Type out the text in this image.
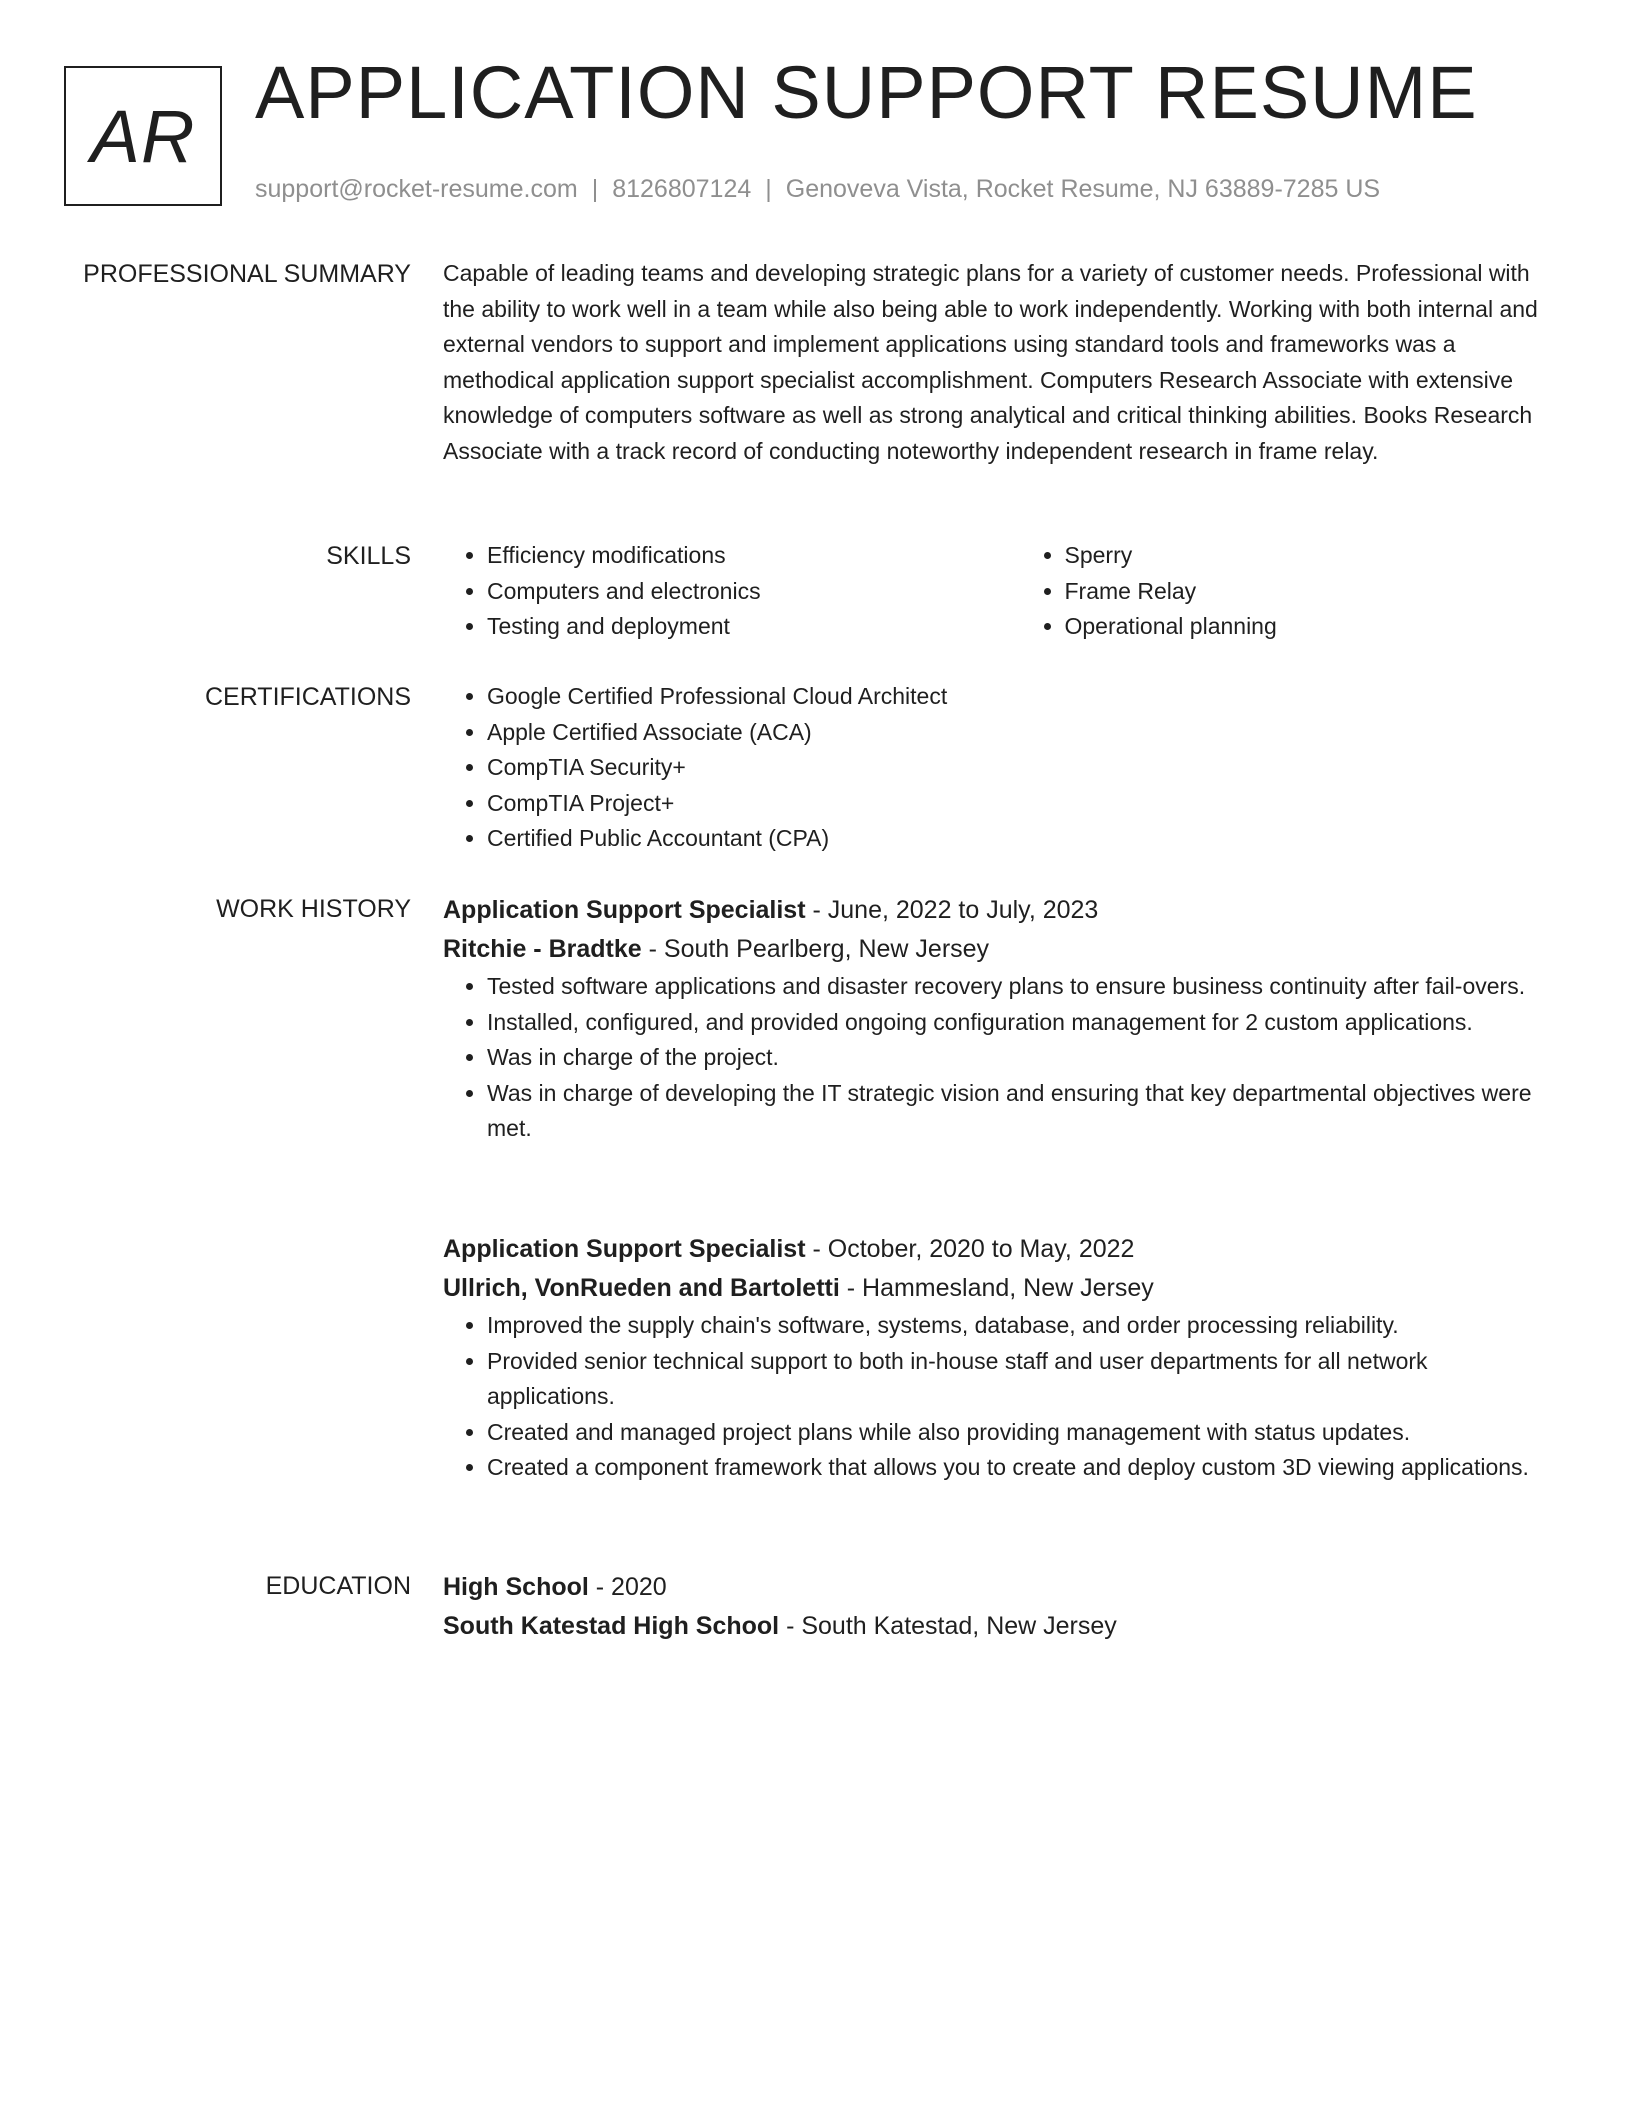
AR
APPLICATION SUPPORT RESUME
support@rocket-resume.com | 8126807124 | Genoveva Vista, Rocket Resume, NJ 63889-7285 US
PROFESSIONAL SUMMARY Capable of leading teams and developing strategic plans for a variety of customer needs. Professional with the ability to work well in a team while also being able to work independently. Working with both internal and external vendors to support and implement applications using standard tools and frameworks was a methodical application support specialist accomplishment. Computers Research Associate with extensive knowledge of computers software as well as strong analytical and critical thinking abilities. Books Research Associate with a track record of conducting noteworthy independent research in frame relay.

SKILLS	• Efficiency modifications
• Computers and electronics
• Testing and deployment
• Sperry
• Frame Relay
• Operational planning
CERTIFICATIONS	• Google Certified Professional Cloud Architect
• Apple Certified Associate (ACA)
• CompTIA Security+
• CompTIA Project+
• Certified Public Accountant (CPA)
WORK HISTORY Application Support Specialist - June, 2022 to July, 2023
Ritchie - Bradtke - South Pearlberg, New Jersey
• Tested software applications and disaster recovery plans to ensure business continuity after fail-overs.
• Installed, configured, and provided ongoing configuration management for 2 custom applications.
• Was in charge of the project.
• Was in charge of developing the IT strategic vision and ensuring that key departmental objectives were met.
Application Support Specialist - October, 2020 to May, 2022
Ullrich, VonRueden and Bartoletti - Hammesland, New Jersey
• Improved the supply chain's software, systems, database, and order processing reliability.
• Provided senior technical support to both in-house staff and user departments for all network applications.
• Created and managed project plans while also providing management with status updates.
• Created a component framework that allows you to create and deploy custom 3D viewing applications.
EDUCATION High School - 2020
South Katestad High School - South Katestad, New Jersey
